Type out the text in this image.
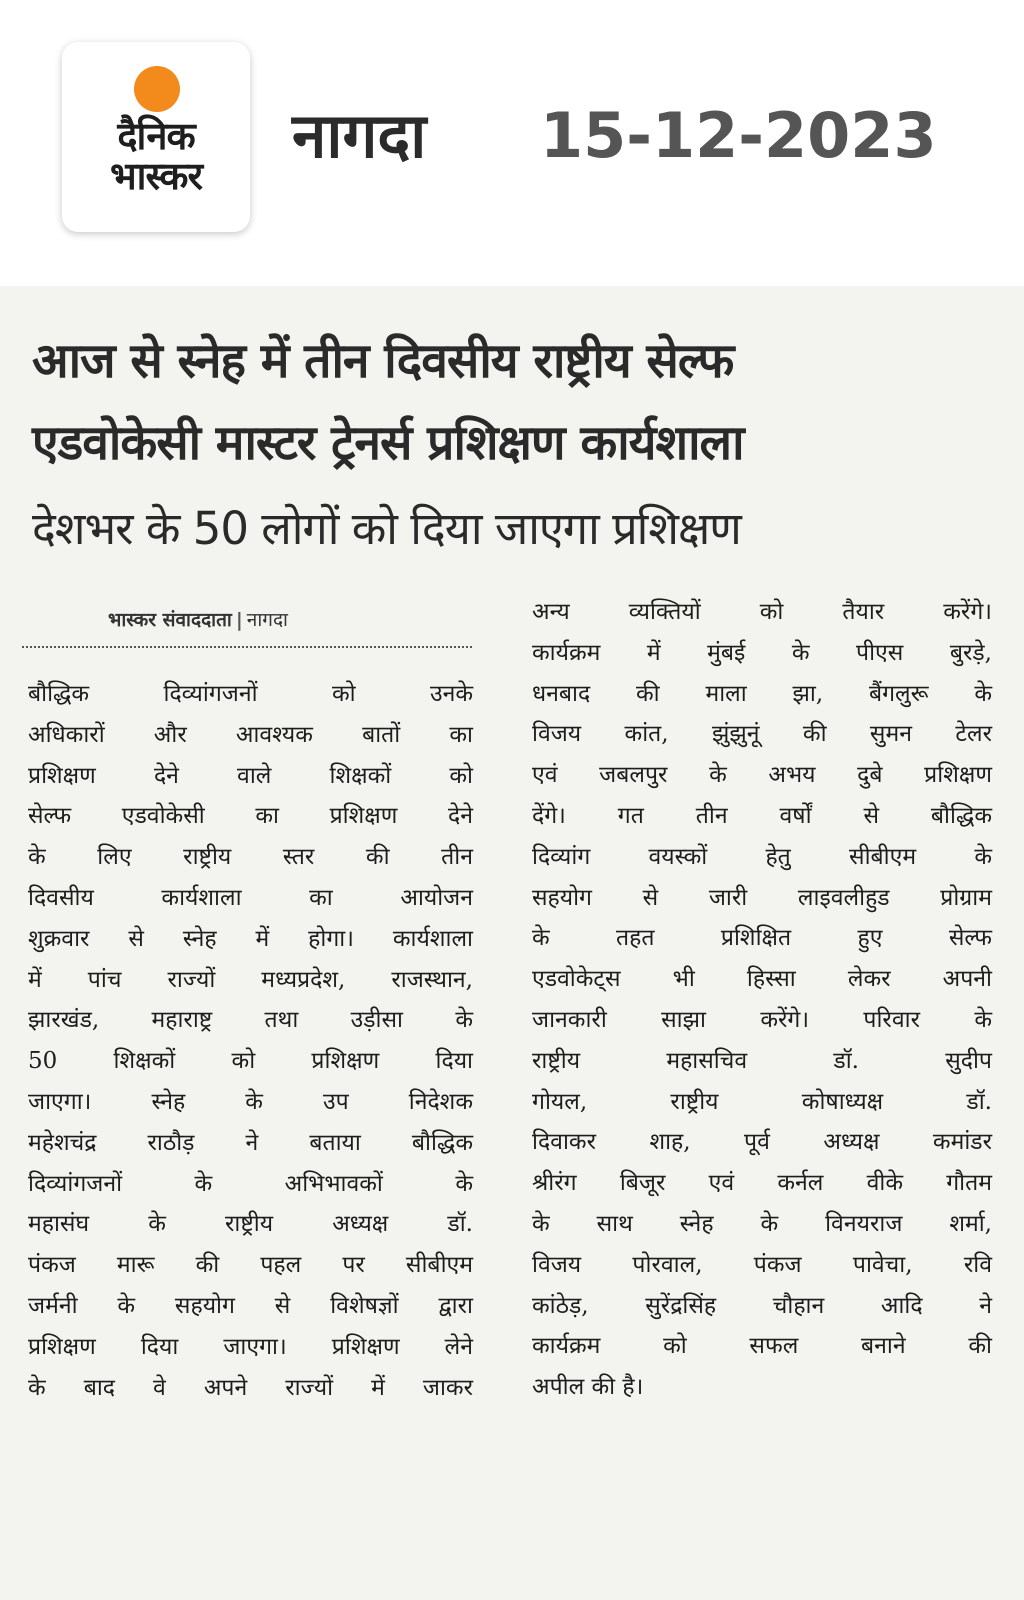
दैनिक
भास्कर
नागदा 15-12-2023
आज से स्नेह में तीन दिवसीय राष्ट्रीय सेल्फ
एडवोकेसी मास्टर ट्रेनर्स प्रशिक्षण कार्यशाला
देशभर के 50 लोगों को दिया जाएगा प्रशिक्षण
भास्कर संवाददाता | नागदा
बौद्धिक दिव्यांगजनों को उनके
अधिकारों और आवश्यक बातों का
प्रशिक्षण देने वाले शिक्षकों को
सेल्फ एडवोकेसी का प्रशिक्षण देने
के लिए राष्ट्रीय स्तर की तीन
दिवसीय कार्यशाला का आयोजन
शुक्रवार से स्नेह में होगा। कार्यशाला
में पांच राज्यों मध्यप्रदेश, राजस्थान,
झारखंड, महाराष्ट्र तथा उड़ीसा के
50 शिक्षकों को प्रशिक्षण दिया
जाएगा। स्नेह के उप निदेशक
महेशचंद्र राठौड़ ने बताया बौद्धिक
दिव्यांगजनों के अभिभावकों के
महासंघ के राष्ट्रीय अध्यक्ष डॉ.
पंकज मारू की पहल पर सीबीएम
जर्मनी के सहयोग से विशेषज्ञों द्वारा
प्रशिक्षण दिया जाएगा। प्रशिक्षण लेने
के बाद वे अपने राज्यों में जाकर
अन्य व्यक्तियों को तैयार करेंगे।
कार्यक्रम में मुंबई के पीएस बुरड़े,
धनबाद की माला झा, बैंगलुरू के
विजय कांत, झुंझुनूं की सुमन टेलर
एवं जबलपुर के अभय दुबे प्रशिक्षण
देंगे। गत तीन वर्षों से बौद्धिक
दिव्यांग वयस्कों हेतु सीबीएम के
सहयोग से जारी लाइवलीहुड प्रोग्राम
के तहत प्रशिक्षित हुए सेल्फ
एडवोकेट्स भी हिस्सा लेकर अपनी
जानकारी साझा करेंगे। परिवार के
राष्ट्रीय महासचिव डॉ. सुदीप
गोयल, राष्ट्रीय कोषाध्यक्ष डॉ.
दिवाकर शाह, पूर्व अध्यक्ष कमांडर
श्रीरंग बिजूर एवं कर्नल वीके गौतम
के साथ स्नेह के विनयराज शर्मा,
विजय पोरवाल, पंकज पावेचा, रवि
कांठेड़, सुरेंद्रसिंह चौहान आदि ने
कार्यक्रम को सफल बनाने की
अपील की है।
